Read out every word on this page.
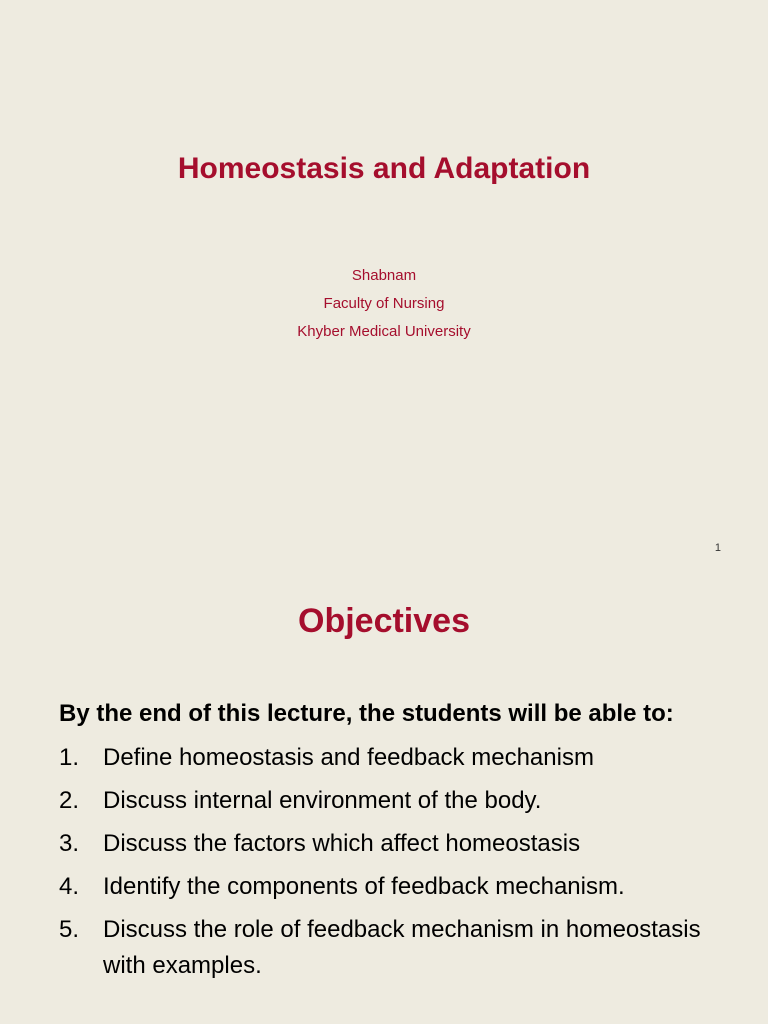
Homeostasis and Adaptation
Shabnam
Faculty of Nursing
Khyber Medical University
1
Objectives

By the end of this lecture, the students will be able to:

1. Define homeostasis and feedback mechanism
2. Discuss internal environment of the body.
3. Discuss the factors which affect homeostasis
4. Identify the components of feedback mechanism.
5. Discuss the role of feedback mechanism in homeostasis with examples.
